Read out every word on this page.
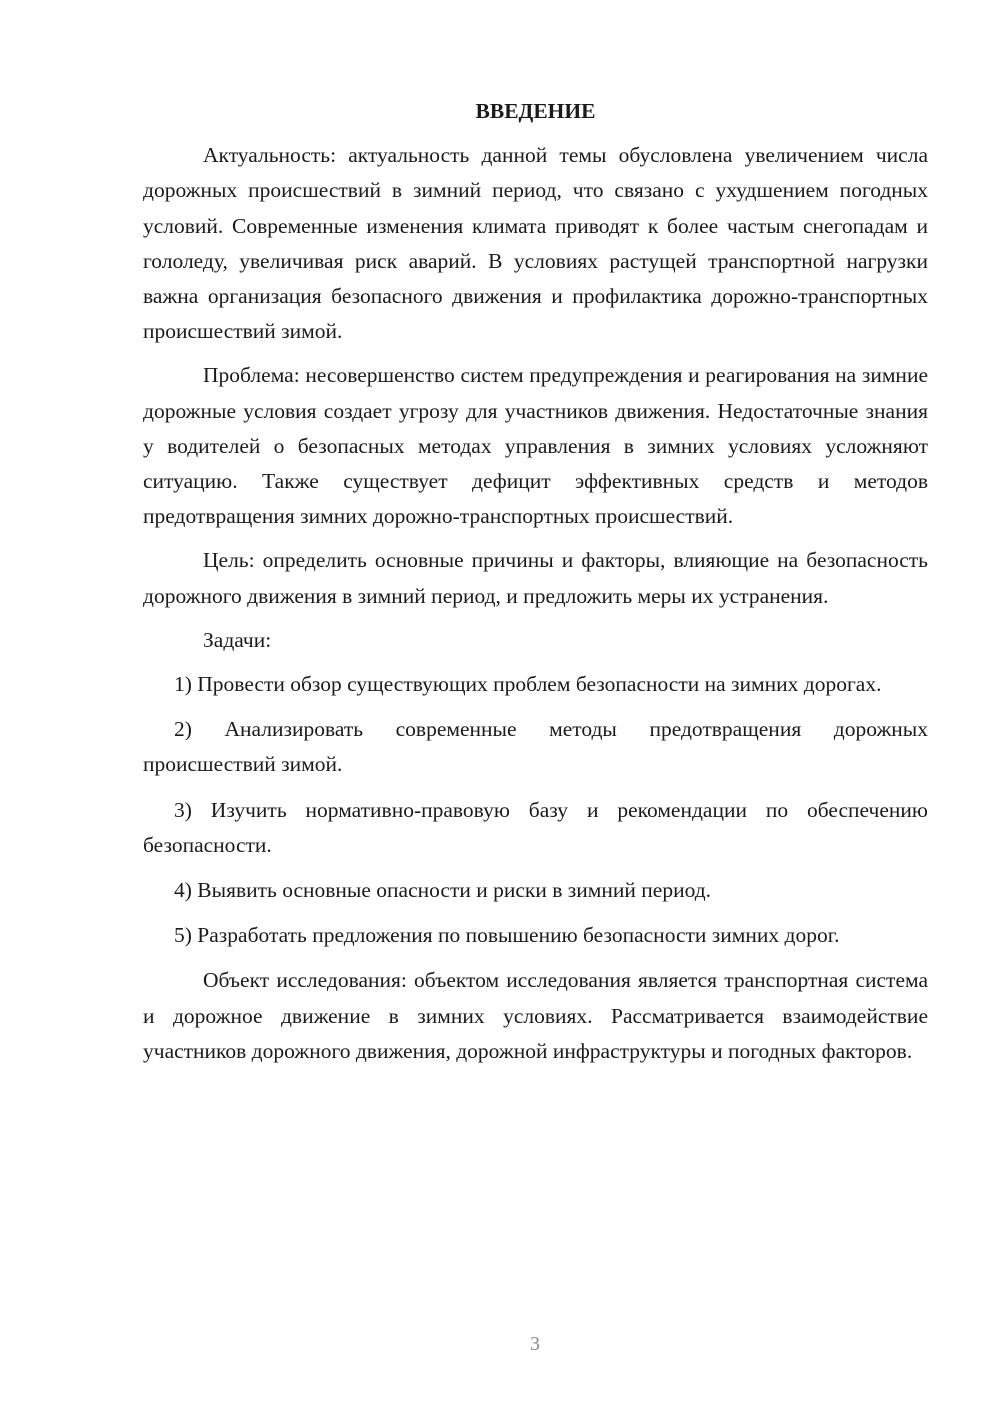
ВВЕДЕНИЕ

Актуальность: актуальность данной темы обусловлена увеличением числа дорожных происшествий в зимний период, что связано с ухудшением погодных условий. Современные изменения климата приводят к более частым снегопадам и гололеду, увеличивая риск аварий. В условиях растущей транспортной нагрузки важна организация безопасного движения и профилактика дорожно-транспортных происшествий зимой.

Проблема: несовершенство систем предупреждения и реагирования на зимние дорожные условия создает угрозу для участников движения. Недостаточные знания у водителей о безопасных методах управления в зимних условиях усложняют ситуацию. Также существует дефицит эффективных средств и методов предотвращения зимних дорожно-транспортных происшествий.

Цель: определить основные причины и факторы, влияющие на безопасность дорожного движения в зимний период, и предложить меры их устранения.

Задачи:

1) Провести обзор существующих проблем безопасности на зимних дорогах.

2) Анализировать современные методы предотвращения дорожных происшествий зимой.

3) Изучить нормативно-правовую базу и рекомендации по обеспечению безопасности.

4) Выявить основные опасности и риски в зимний период.

5) Разработать предложения по повышению безопасности зимних дорог.

Объект исследования: объектом исследования является транспортная система и дорожное движение в зимних условиях. Рассматривается взаимодействие участников дорожного движения, дорожной инфраструктуры и погодных факторов.

3
